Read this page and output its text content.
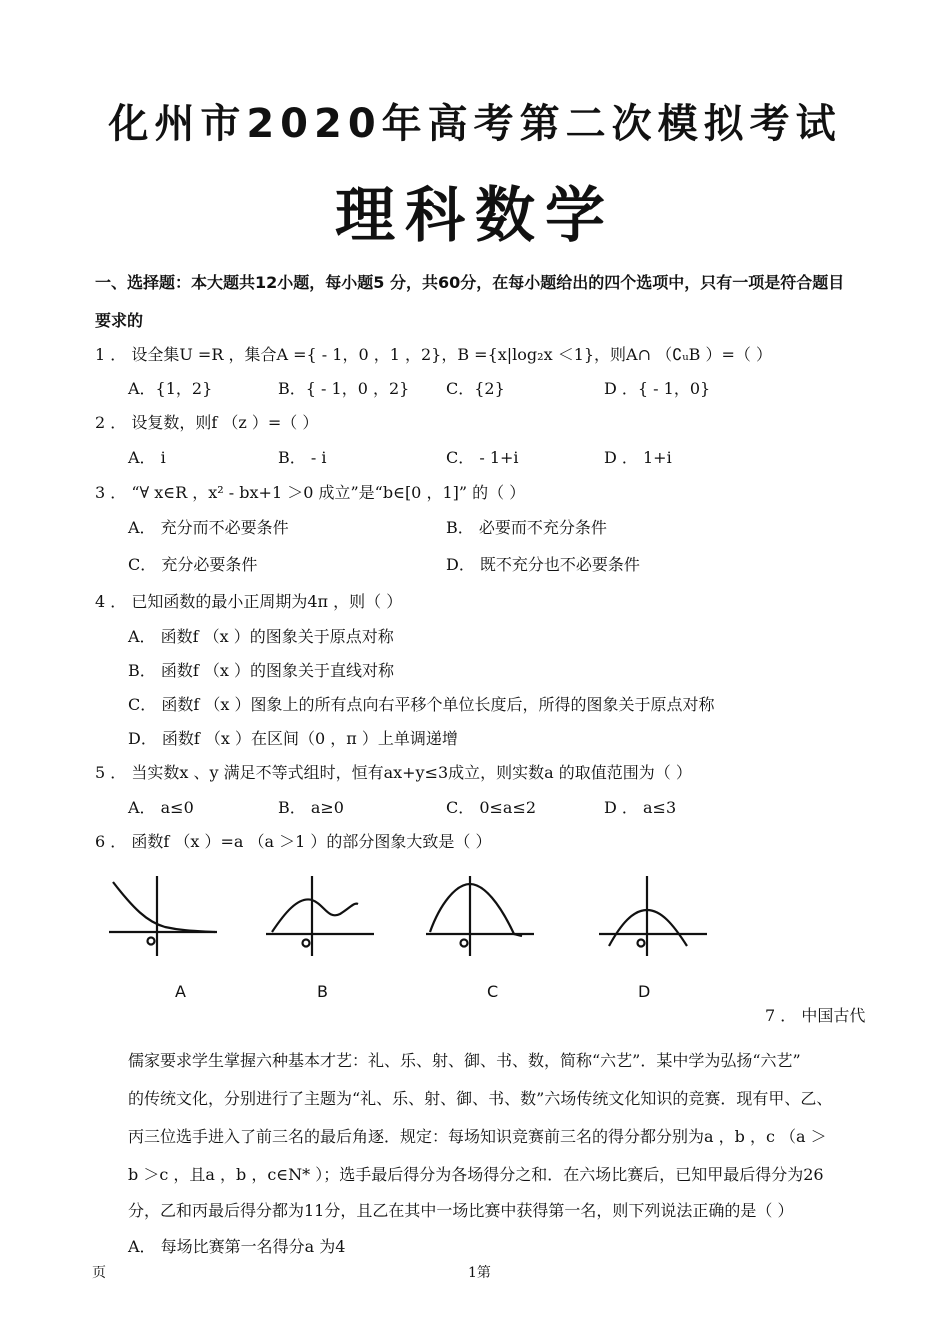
化州市2020年高考第二次模拟考试
理科数学
一、选择题：本大题共12小题，每小题5 分，共60分，在每小题给出的四个选项中，只有一项是符合题目
要求的
1 ． 设全集U =R ，集合A ={ - 1，0 ，1 ，2}，B ={x|log₂x ＜1}，则A∩ （∁ᵤB ）=（ ）
A．{1，2}	B．{ - 1，0 ，2} C．{2}	D ．{ - 1，0}
2 ． 设复数，则f （z ）=（ ）
A． i	B． - i	C． - 1+i	D ． 1+i
3 ． “∀ x∈R ，x² - bx+1 ＞0 成立”是“b∈[0 ，1]” 的（ ）
A． 充分而不必要条件	B． 必要而不充分条件
C． 充分必要条件	D． 既不充分也不必要条件
4 ． 已知函数的最小正周期为4π ，则（ ）
A． 函数f （x ）的图象关于原点对称
B． 函数f （x ）的图象关于直线对称
C． 函数f （x ）图象上的所有点向右平移个单位长度后，所得的图象关于原点对称
D． 函数f （x ）在区间（0 ，π ）上单调递增
5 ． 当实数x 、y 满足不等式组时，恒有ax+y≤3成立，则实数a 的取值范围为（ ）
A． a≤0	B． a≥0	C． 0≤a≤2	D ． a≤3
6 ． 函数f （x ）=a （a ＞1 ）的部分图象大致是（ ）
A	B	C	D
7 ． 中国古代
儒家要求学生掌握六种基本才艺：礼、乐、射、御、书、数，简称“六艺”．某中学为弘扬“六艺”
的传统文化，分别进行了主题为“礼、乐、射、御、书、数”六场传统文化知识的竞赛．现有甲、乙、
丙三位选手进入了前三名的最后角逐．规定：每场知识竞赛前三名的得分都分别为a ，b ，c （a ＞
b ＞c ，且a ，b ，c∈N* ）；选手最后得分为各场得分之和．在六场比赛后，已知甲最后得分为26
分，乙和丙最后得分都为11分，且乙在其中一场比赛中获得第一名，则下列说法正确的是（ ）
A． 每场比赛第一名得分a 为4
页	1第
